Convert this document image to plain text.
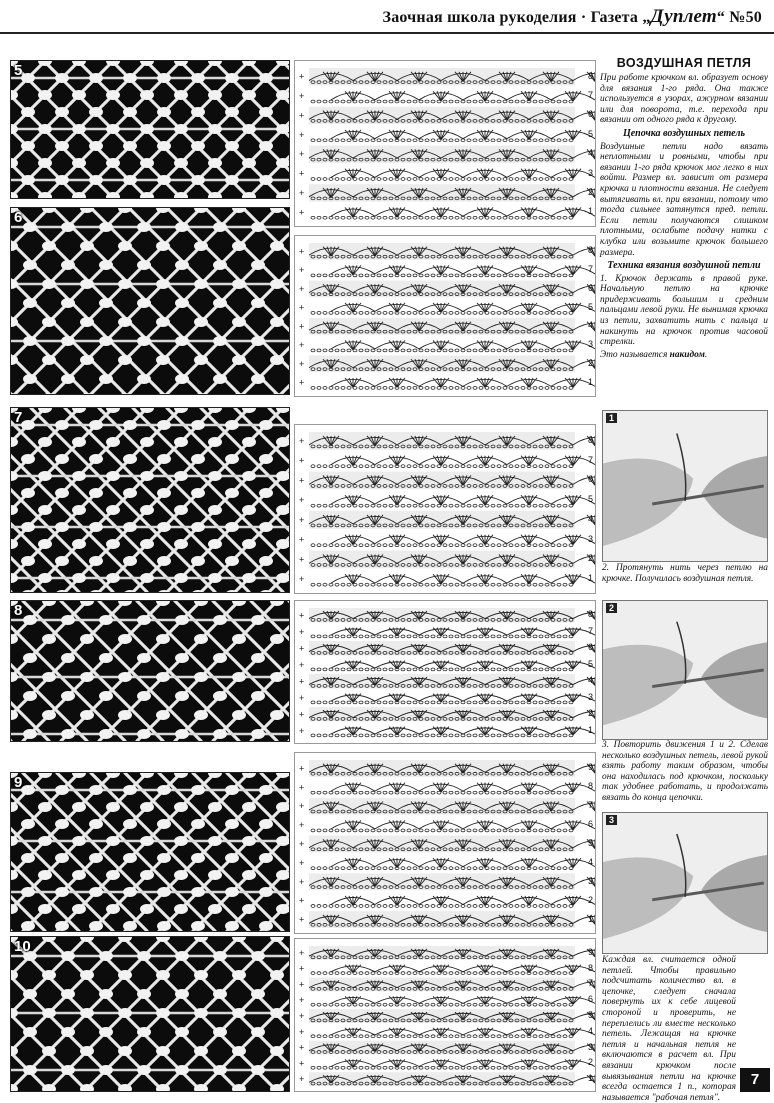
Заочная школа рукоделия · Газета „Дуплет“ №50
5
6
7
8
9
10
+
+
+
+
+
+
+
+
8
7
6
5
4
3
2
1
+
+
+
+
+
+
+
+
8
7
6
5
4
3
2
1
+
+
+
+
+
+
+
+
8
7
6
5
4
3
2
1
+
+
+
+
+
+
+
+
8
7
6
5
4
3
2
1
+
+
+
+
+
+
+
+
+
9
8
7
6
5
4
3
2
1
+
+
+
+
+
+
+
+
+
9
8
7
6
5
4
3
2
1
ВОЗДУШНАЯ ПЕТЛЯ

При работе крючком вл. образует основу для вязания 1-го ряда. Она также используется в узорах, ажурном вязании или для поворота, т.е. перехода при вязании от одного ряда к другому.

Цепочка воздушных петель

Воздушные петли надо вязать неплотными и ровными, чтобы при вязании 1-го ряда крючок мог легко в них войти. Размер вл. зависит от размера крючка и плотности вязания. Не следует вытягивать вл. при вязании, потому что тогда сильнее затянутся пред. петли. Если петли получаются слишком плотными, ослабьте подачу нитки с клубка или возьмите крючок большего размера.

Техника вязания воздушной петли

1. Крючок держать в правой руке. Начальную петлю на крючке придерживать большим и средним пальцами левой руки. Не вынимая крючка из петли, захватить нить с пальца и накинуть на крючок против часовой стрелки.

Это называется накидом.

1

2. Протянуть нить через петлю на крючке. Получилась воздушная петля.

2

3. Повторить движения 1 и 2. Сделав несколько воздушных петель, левой рукой взять работу таким образом, чтобы она находилась под крючком, поскольку так удобнее работать, и продолжать вязать до конца цепочки.

3

Каждая вл. считается одной петлей. Чтобы правильно подсчитать количество вл. в цепочке, следует сначала повернуть их к себе лицевой стороной и проверить, не переплелись ли вместе несколько петель. Лежащая на крючке петля и начальная петля не включаются в расчет вл. При вязании крючком после вывязывания петли на крючке всегда остается 1 п., которая называется "рабочая петля".

7
